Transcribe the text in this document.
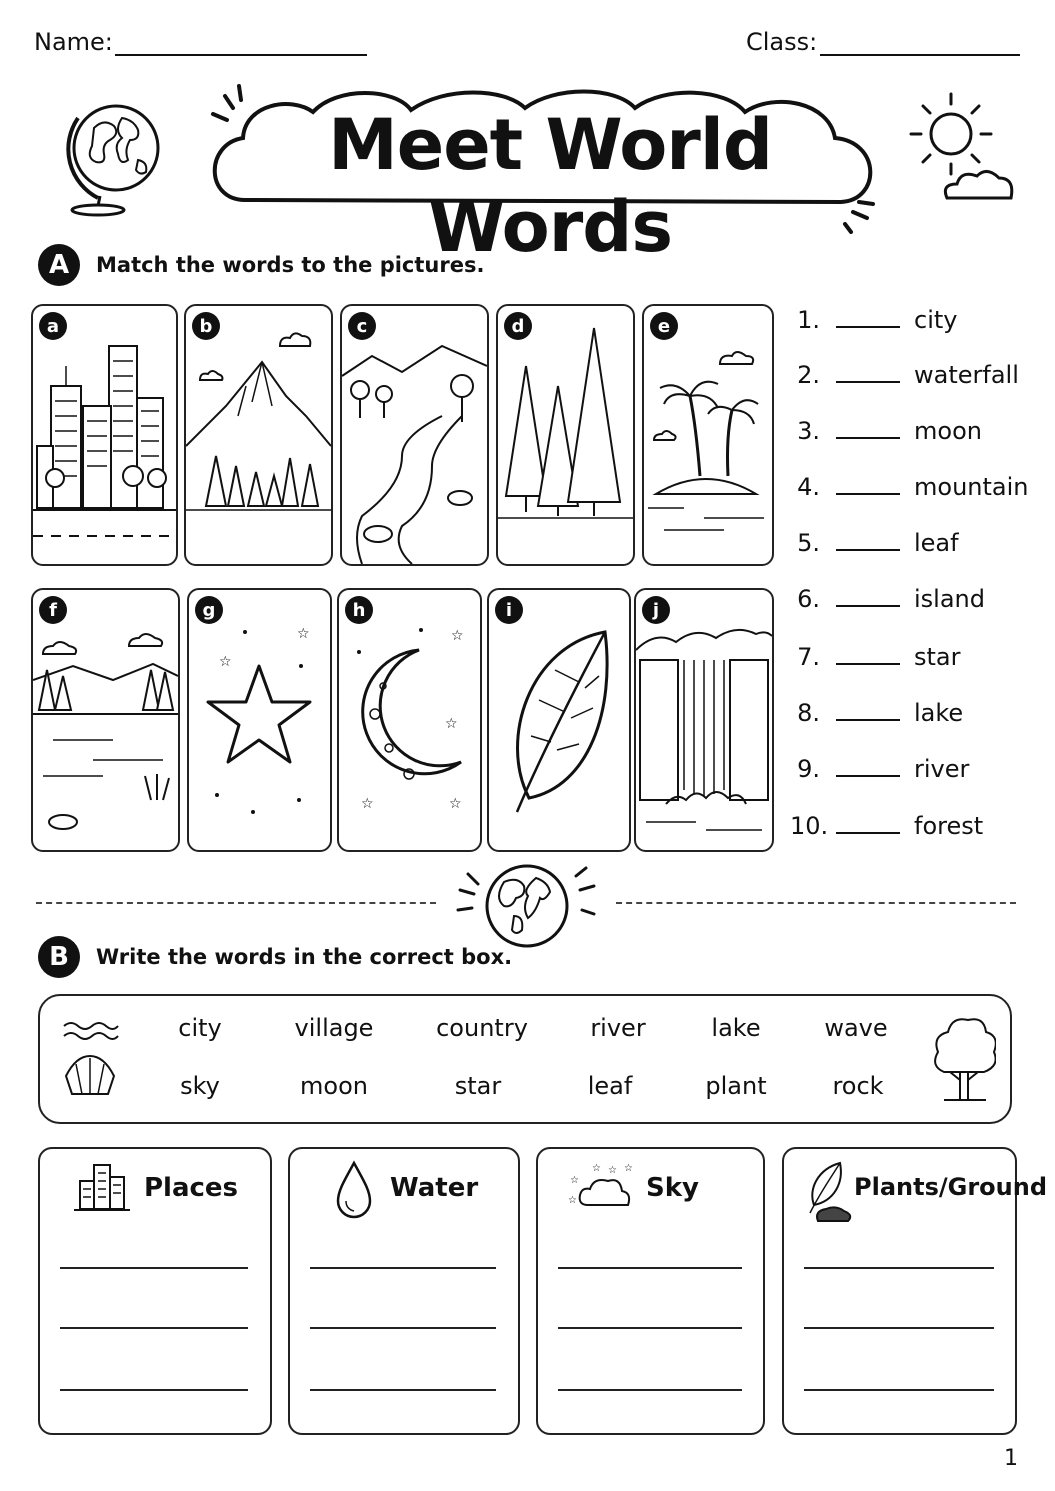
Name:	Class:
Meet World Words
A	Match the words to the pictures.
a	b	c	d	e
f	g
☆
☆
h
☆
☆
☆	☆
i	j
1.	city
2.	waterfall
3.	moon
4.	mountain
5.	leaf
6.	island
7.	star
8.	lake
9.	river
10.	forest
B	Write the words in the correct box.
city	village	country	river	lake	wave
sky	moon	star	leaf	plant	rock
Places	Water	☆
☆ ☆ ☆
☆	Sky	Plants/Ground
1
